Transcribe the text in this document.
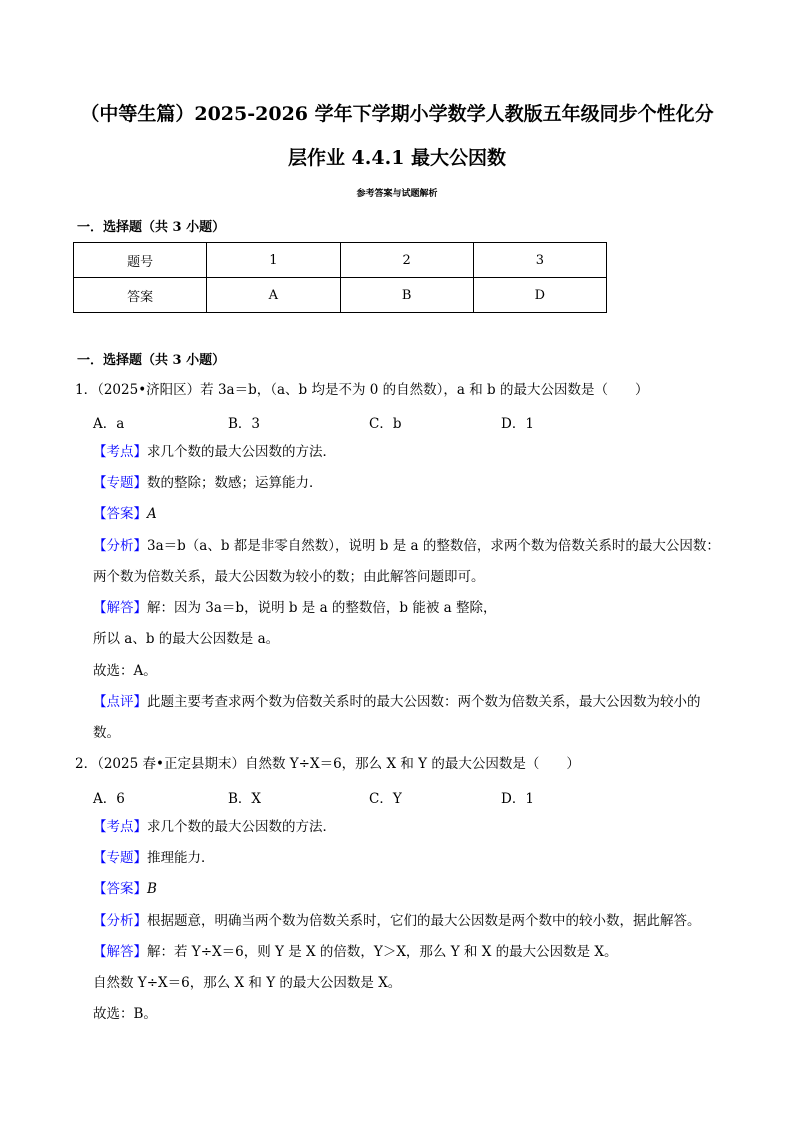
（中等生篇）2025-2026 学年下学期小学数学人教版五年级同步个性化分
层作业 4.4.1 最大公因数
参考答案与试题解析
一．选择题（共 3 小题）
题号	1	2	3
答案	A	B	D
一．选择题（共 3 小题）
1．（2025•济阳区）若 3a＝b，（a、b 均是不为 0 的自然数），a 和 b 的最大公因数是（　　）
A．a	B．3	C．b	D．1
【考点】求几个数的最大公因数的方法．
【专题】数的整除；数感；运算能力．
【答案】A
【分析】3a＝b（a、b 都是非零自然数），说明 b 是 a 的整数倍，求两个数为倍数关系时的最大公因数：
两个数为倍数关系，最大公因数为较小的数；由此解答问题即可。
【解答】解：因为 3a＝b，说明 b 是 a 的整数倍，b 能被 a 整除，
所以 a、b 的最大公因数是 a。
故选：A。
【点评】此题主要考查求两个数为倍数关系时的最大公因数：两个数为倍数关系，最大公因数为较小的
数。
2．（2025 春•正定县期末）自然数 Y÷X＝6，那么 X 和 Y 的最大公因数是（　　）
A．6	B．X	C．Y	D．1
【考点】求几个数的最大公因数的方法．
【专题】推理能力．
【答案】B
【分析】根据题意，明确当两个数为倍数关系时，它们的最大公因数是两个数中的较小数，据此解答。
【解答】解：若 Y÷X＝6，则 Y 是 X 的倍数，Y＞X，那么 Y 和 X 的最大公因数是 X。
自然数 Y÷X＝6，那么 X 和 Y 的最大公因数是 X。
故选：B。
